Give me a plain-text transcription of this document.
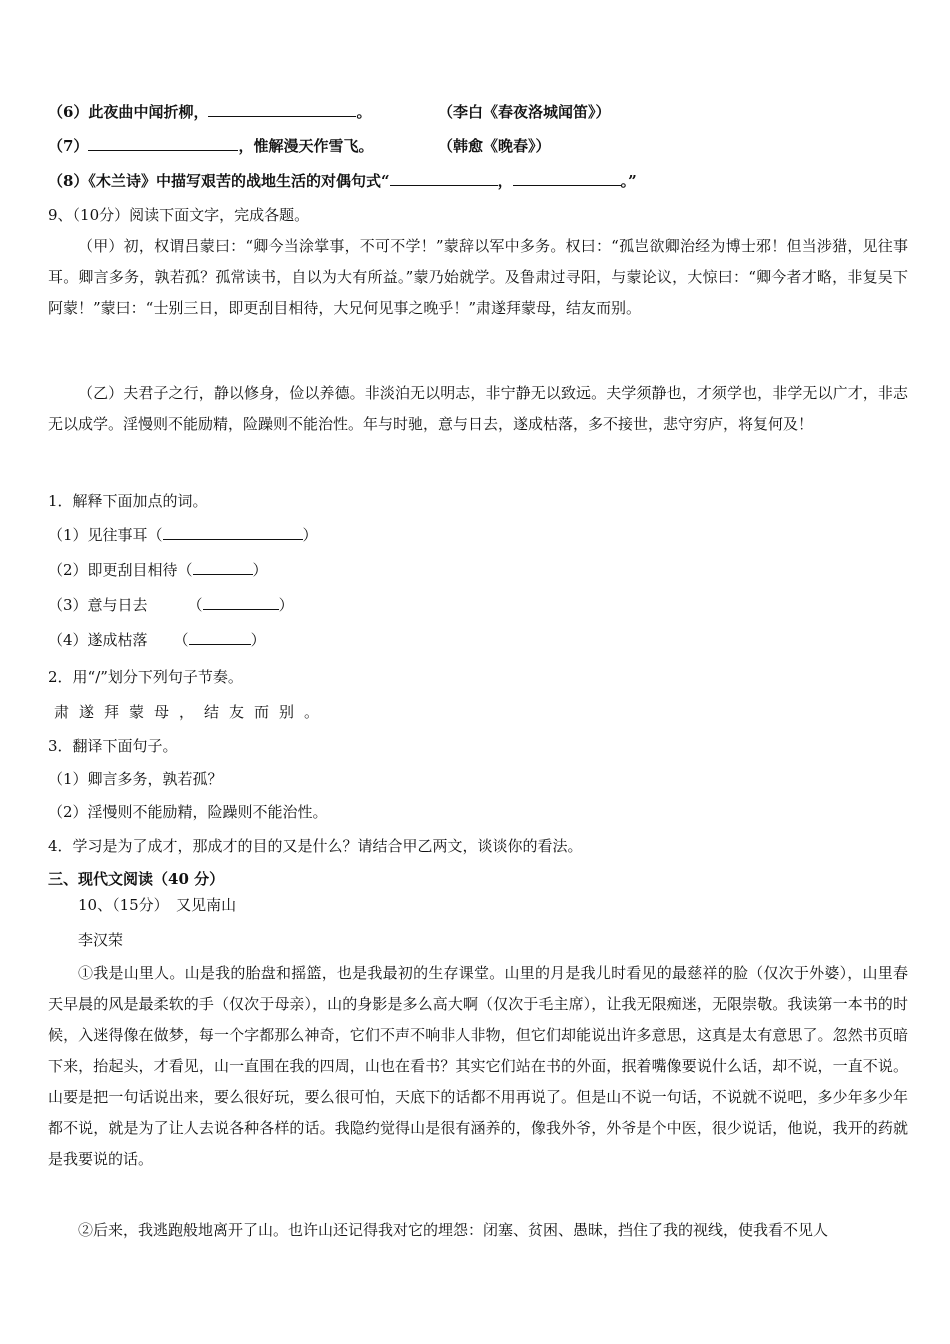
（6）此夜曲中闻折柳，	。	（李白《春夜洛城闻笛》）
（7）	，惟解漫天作雪飞。	（韩愈《晚春》）
（8）《木兰诗》中描写艰苦的战地生活的对偶句式“	，	。”
9、（10分）阅读下面文字，完成各题。
（甲）初，权谓吕蒙曰：“卿今当涂掌事，不可不学！”蒙辞以军中多务。权曰：“孤岂欲卿治经为博士邪！但当涉猎，见往事耳。卿言多务，孰若孤？孤常读书，自以为大有所益。”蒙乃始就学。及鲁肃过寻阳，与蒙论议，大惊曰：“卿今者才略，非复吴下阿蒙！”蒙曰：“士别三日，即更刮目相待，大兄何见事之晚乎！”肃遂拜蒙母，结友而别。
（乙）夫君子之行，静以修身，俭以养德。非淡泊无以明志，非宁静无以致远。夫学须静也，才须学也，非学无以广才，非志无以成学。淫慢则不能励精，险躁则不能治性。年与时驰，意与日去，遂成枯落，多不接世，悲守穷庐，将复何及！
1．解释下面加点的词。
（1）见往事耳（	）
（2）即更刮目相待（	）
（3）意与日去	（	）
（4）遂成枯落 （	）
2．用“/”划分下列句子节奏。
肃遂拜蒙母，结友而别。
3．翻译下面句子。
（1）卿言多务，孰若孤？
（2）淫慢则不能励精，险躁则不能治性。
4．学习是为了成才，那成才的目的又是什么？请结合甲乙两文，谈谈你的看法。
三、现代文阅读（40 分）
10、（15分）　又见南山
李汉荣
①我是山里人。山是我的胎盘和摇篮，也是我最初的生存课堂。山里的月是我儿时看见的最慈祥的脸（仅次于外婆），山里春天早晨的风是最柔软的手（仅次于母亲），山的身影是多么高大啊（仅次于毛主席），让我无限痴迷，无限崇敬。我读第一本书的时候，入迷得像在做梦，每一个字都那么神奇，它们不声不响非人非物，但它们却能说出许多意思，这真是太有意思了。忽然书页暗下来，抬起头，才看见，山一直围在我的四周，山也在看书？其实它们站在书的外面，抿着嘴像要说什么话，却不说，一直不说。山要是把一句话说出来，要么很好玩，要么很可怕，天底下的话都不用再说了。但是山不说一句话，不说就不说吧，多少年多少年都不说，就是为了让人去说各种各样的话。我隐约觉得山是很有涵养的，像我外爷，外爷是个中医，很少说话，他说，我开的药就是我要说的话。
②后来，我逃跑般地离开了山。也许山还记得我对它的埋怨：闭塞、贫困、愚昧，挡住了我的视线，使我看不见人
